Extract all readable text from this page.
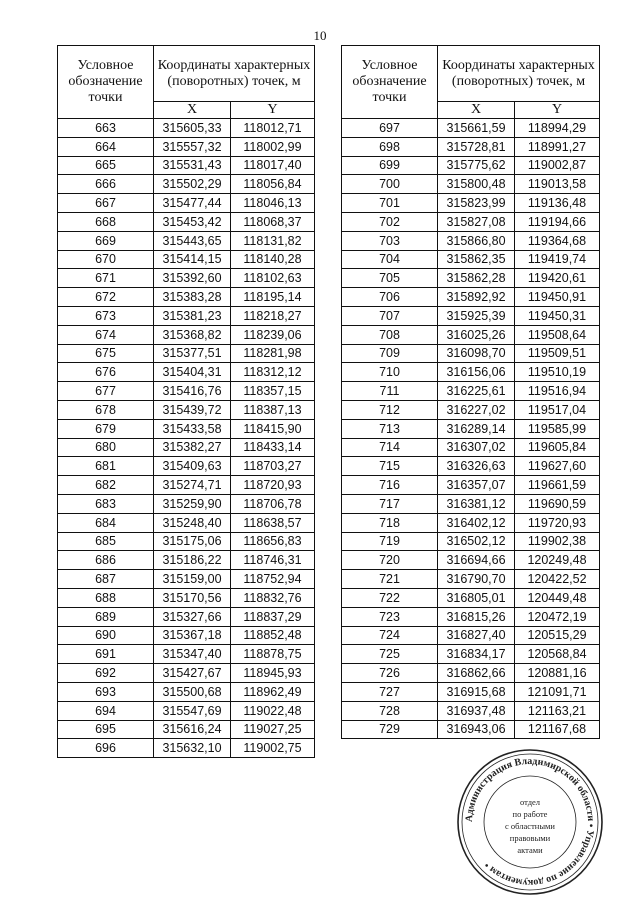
10
Условное обозначение точки	Координаты характерных (поворотных) точек, м	
	X	Y
663	315605,33	118012,71
664	315557,32	118002,99
665	315531,43	118017,40
666	315502,29	118056,84
667	315477,44	118046,13
668	315453,42	118068,37
669	315443,65	118131,82
670	315414,15	118140,28
671	315392,60	118102,63
672	315383,28	118195,14
673	315381,23	118218,27
674	315368,82	118239,06
675	315377,51	118281,98
676	315404,31	118312,12
677	315416,76	118357,15
678	315439,72	118387,13
679	315433,58	118415,90
680	315382,27	118433,14
681	315409,63	118703,27
682	315274,71	118720,93
683	315259,90	118706,78
684	315248,40	118638,57
685	315175,06	118656,83
686	315186,22	118746,31
687	315159,00	118752,94
688	315170,56	118832,76
689	315327,66	118837,29
690	315367,18	118852,48
691	315347,40	118878,75
692	315427,67	118945,93
693	315500,68	118962,49
694	315547,69	119022,48
695	315616,24	119027,25
696	315632,10	119002,75
Условное обозначение точки	Координаты характерных (поворотных) точек, м	
	X	Y
697	315661,59	118994,29
698	315728,81	118991,27
699	315775,62	119002,87
700	315800,48	119013,58
701	315823,99	119136,48
702	315827,08	119194,66
703	315866,80	119364,68
704	315862,35	119419,74
705	315862,28	119420,61
706	315892,92	119450,91
707	315925,39	119450,31
708	316025,26	119508,64
709	316098,70	119509,51
710	316156,06	119510,19
711	316225,61	119516,94
712	316227,02	119517,04
713	316289,14	119585,99
714	316307,02	119605,84
715	316326,63	119627,60
716	316357,07	119661,59
717	316381,12	119690,59
718	316402,12	119720,93
719	316502,12	119902,38
720	316694,66	120249,48
721	316790,70	120422,52
722	316805,01	120449,48
723	316815,26	120472,19
724	316827,40	120515,29
725	316834,17	120568,84
726	316862,66	120881,16
727	316915,68	121091,71
728	316937,48	121163,21
729	316943,06	121167,68
Администрация Владимирской области • Управление по документам •
отдел
по работе
с областными
правовыми
актами
